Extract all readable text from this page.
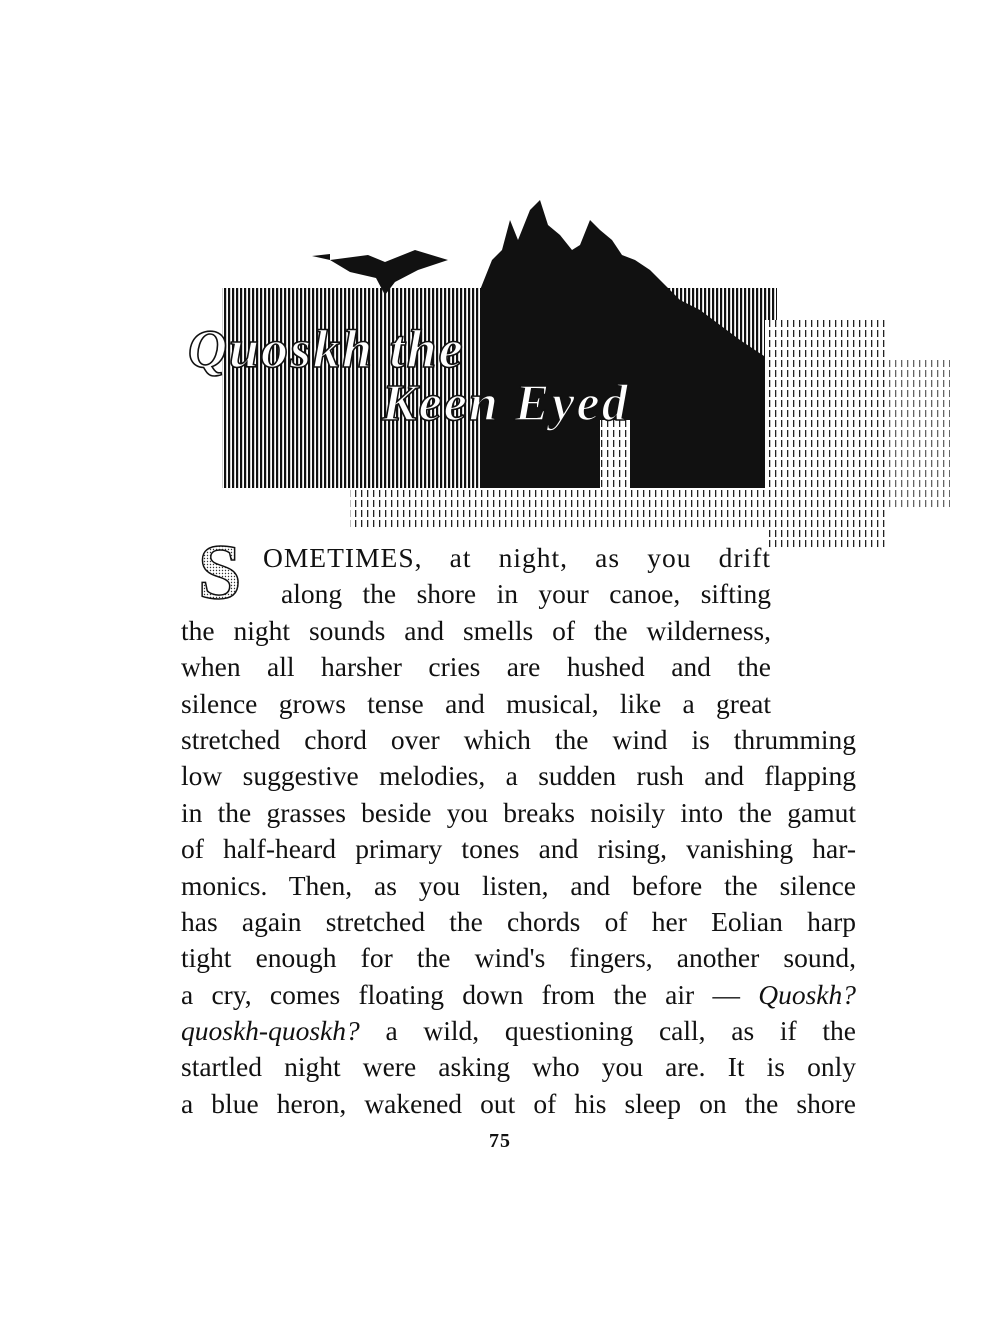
Quoskh the
Keen Eyed
S OMETIMES, at night, as you drift
along the shore in your canoe, sifting
the night sounds and smells of the wilderness,
when all harsher cries are hushed and the
silence grows tense and musical, like a great
stretched chord over which the wind is thrumming
low suggestive melodies, a sudden rush and flapping
in the grasses beside you breaks noisily into the gamut
of half-heard primary tones and rising, vanishing har-
monics. Then, as you listen, and before the silence
has again stretched the chords of her Eolian harp
tight enough for the wind's fingers, another sound,
a cry, comes floating down from the air — Quoskh?
quoskh-quoskh? a wild, questioning call, as if the
startled night were asking who you are. It is only
a blue heron, wakened out of his sleep on the shore
75
